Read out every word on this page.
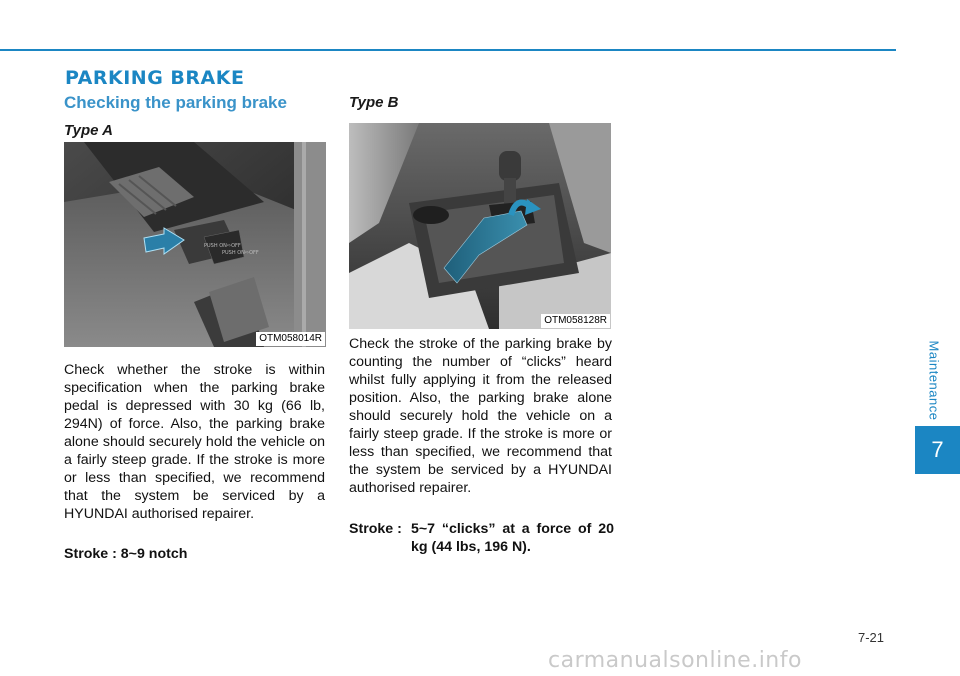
PARKING BRAKE
Checking the parking brake
Type A
PUSH ON⇨OFF
PUSH ON⇨OFF
OTM058014R
Check whether the stroke is within specification when the parking brake pedal is depressed with 30 kg (66 lb, 294N) of force. Also, the parking brake alone should securely hold the vehicle on a fairly steep grade. If the stroke is more or less than specified, we recommend that the system be serviced by a HYUNDAI authorised repairer.
Stroke : 8~9 notch
Type B
OTM058128R
Check the stroke of the parking brake by counting the number of “clicks” heard whilst fully applying it from the released position. Also, the parking brake alone should securely hold the vehicle on a fairly steep grade. If the stroke is more or less than specified, we recommend that the system be serviced by a HYUNDAI authorised repairer.
Stroke : 5~7 “clicks” at a force of 20 kg (44 lbs, 196 N).
Maintenance
7
7-21
carmanualsonline.info
